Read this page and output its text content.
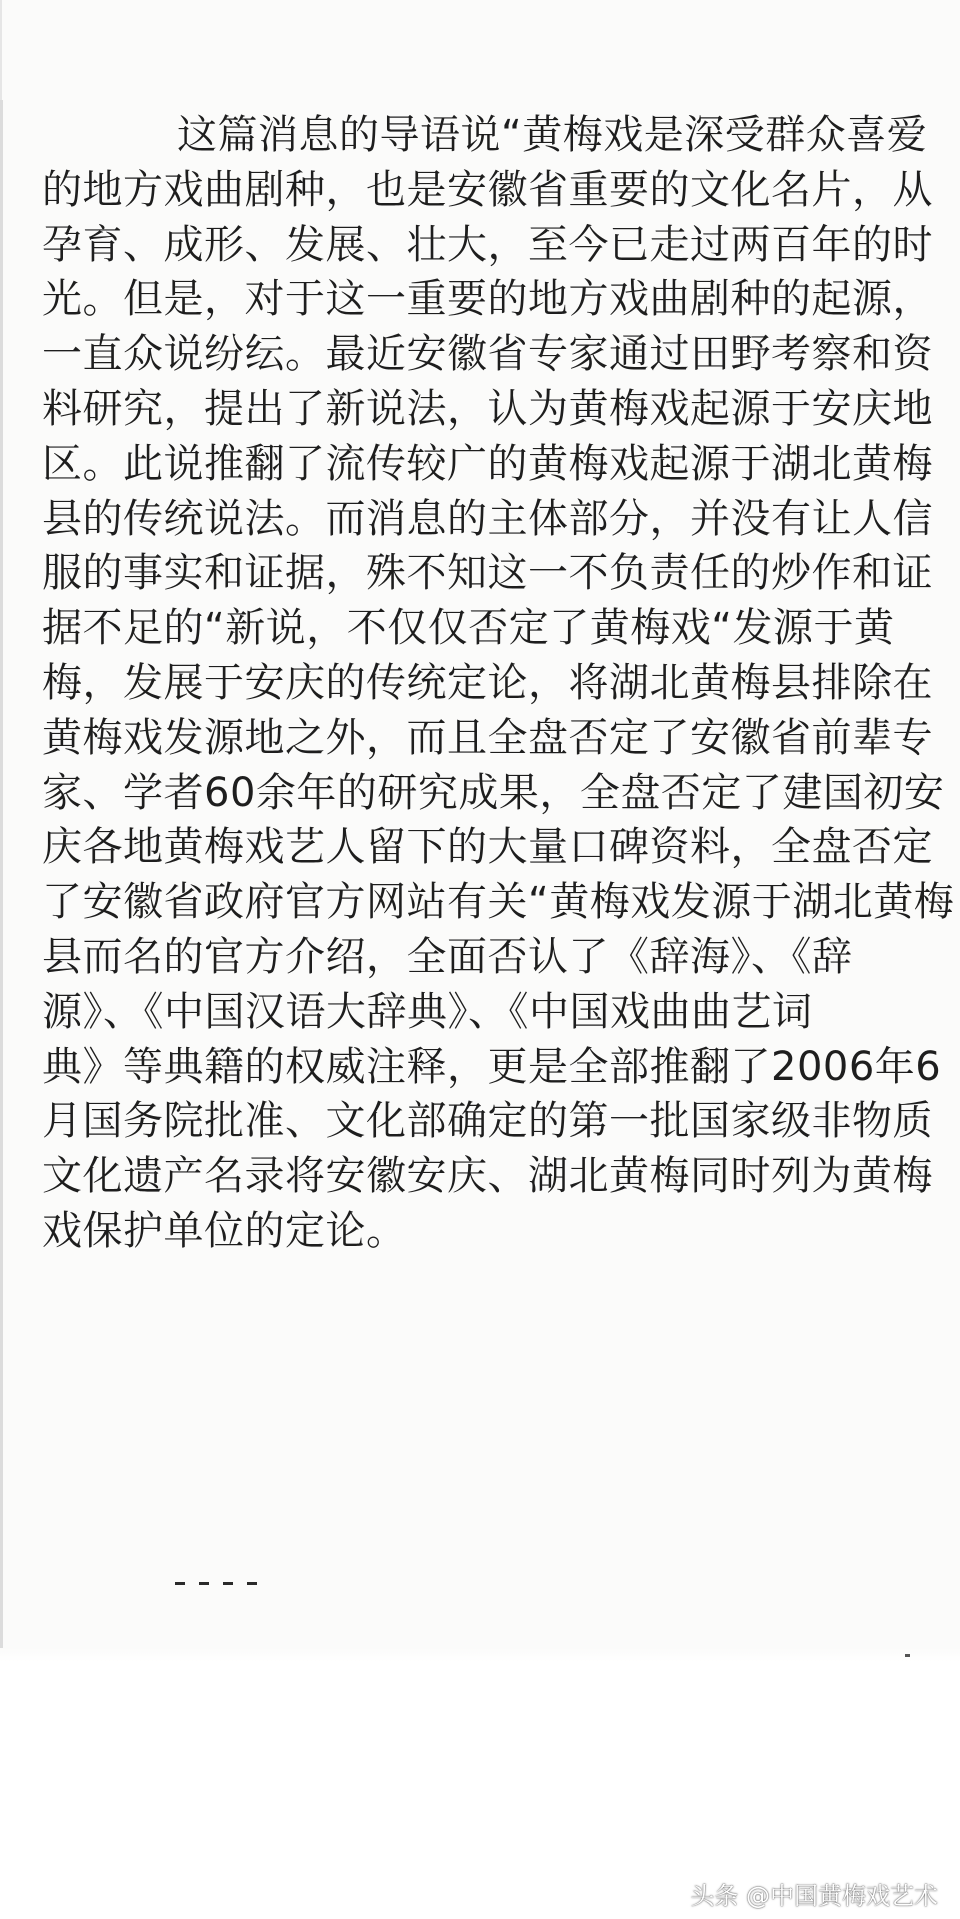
这篇消息的导语说“黄梅戏是深受群众喜爱
的地方戏曲剧种，也是安徽省重要的文化名片，从
孕育、成形、发展、壮大，至今已走过两百年的时
光。但是，对于这一重要的地方戏曲剧种的起源，
一直众说纷纭。最近安徽省专家通过田野考察和资
料研究，提出了新说法，认为黄梅戏起源于安庆地
区。此说推翻了流传较广的黄梅戏起源于湖北黄梅
县的传统说法。而消息的主体部分，并没有让人信
服的事实和证据，殊不知这一不负责任的炒作和证
据不足的“新说，不仅仅否定了黄梅戏“发源于黄
梅，发展于安庆的传统定论，将湖北黄梅县排除在
黄梅戏发源地之外，而且全盘否定了安徽省前辈专
家、学者60余年的研究成果，全盘否定了建国初安
庆各地黄梅戏艺人留下的大量口碑资料，全盘否定
了安徽省政府官方网站有关“黄梅戏发源于湖北黄梅
县而名的官方介绍，全面否认了《辞海》、《辞
源》、《中国汉语大辞典》、《中国戏曲曲艺词
典》等典籍的权威注释，更是全部推翻了2006年6
月国务院批准、文化部确定的第一批国家级非物质
文化遗产名录将安徽安庆、湖北黄梅同时列为黄梅
戏保护单位的定论。
头条 @中国黄梅戏艺术
